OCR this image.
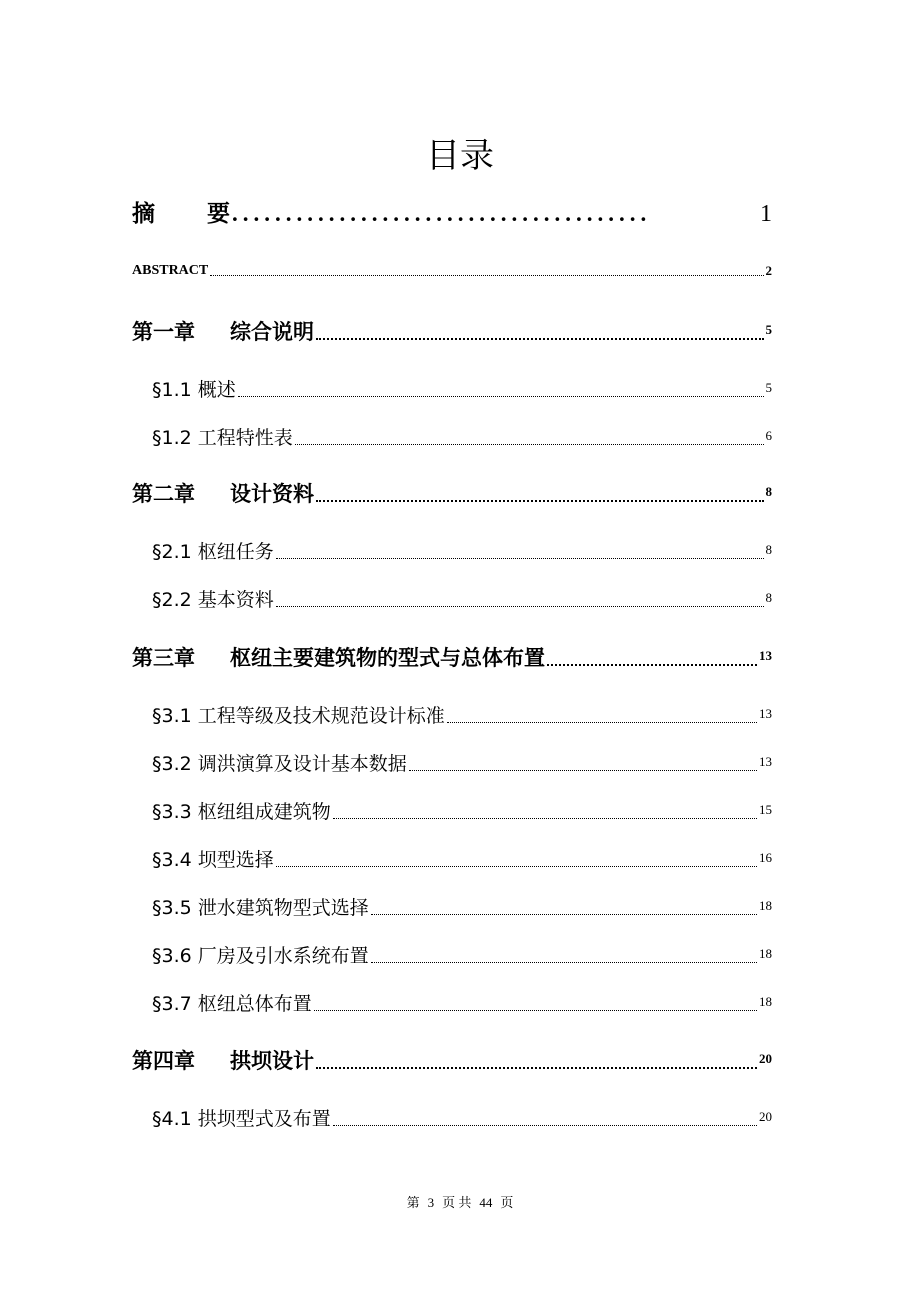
目录
摘 要 .......................................	1
ABSTRACT	2
第一章 综合说明	5
§1.1 概述	5
§1.2 工程特性表	6
第二章 设计资料	8
§2.1 枢纽任务	8
§2.2 基本资料	8
第三章 枢纽主要建筑物的型式与总体布置	13
§3.1 工程等级及技术规范设计标准	13
§3.2 调洪演算及设计基本数据	13
§3.3 枢纽组成建筑物	15
§3.4 坝型选择	16
§3.5 泄水建筑物型式选择	18
§3.6 厂房及引水系统布置	18
§3.7 枢纽总体布置	18
第四章 拱坝设计	20
§4.1 拱坝型式及布置	20
第 3 页 共 44 页
